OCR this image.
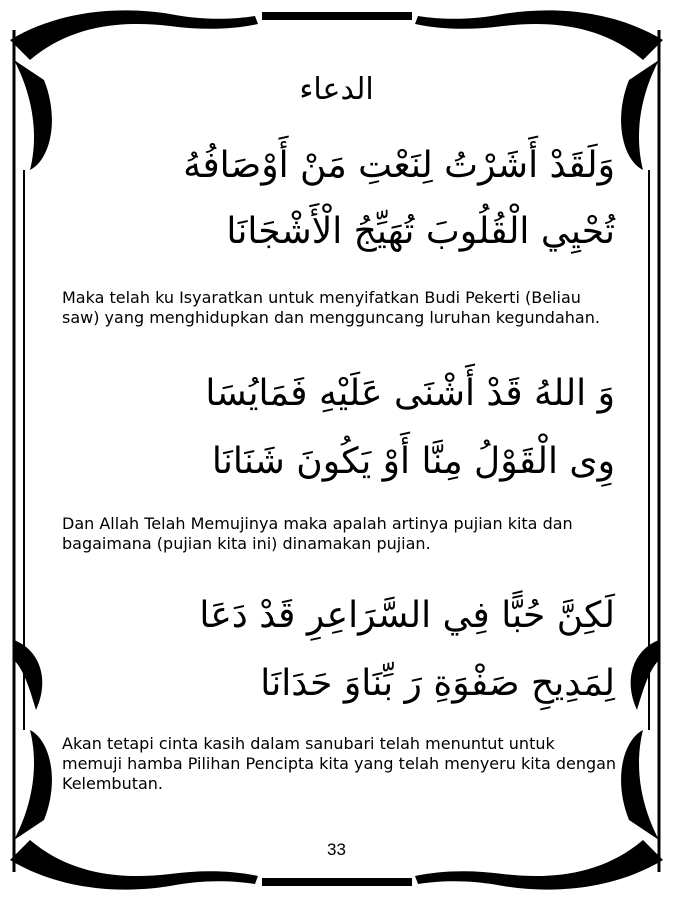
الدعاء
وَلَقَدْ أَشَرْتُ لِنَعْتِ مَنْ أَوْصَافُهُ
تُحْيِي الْقُلُوبَ تُهَيِّجُ الْأَشْجَانَا
Maka telah ku Isyaratkan untuk menyifatkan Budi Pekerti (Beliau saw) yang menghidupkan dan mengguncang luruhan kegundahan.
وَ اللهُ قَدْ أَشْنَى عَلَيْهِ فَمَايُسَا
وِى الْقَوْلُ مِنَّا أَوْ يَكُونَ شَنَانَا
Dan Allah Telah Memujinya maka apalah artinya pujian kita dan bagaimana (pujian kita ini) dinamakan pujian.
لَكِنَّ حُبًّا فِي السَّرَاعِرِ قَدْ دَعَا
لِمَدِيحِ صَفْوَةِ رَ بِّنَاوَ حَدَانَا
Akan tetapi cinta kasih dalam sanubari telah menuntut untuk memuji hamba Pilihan Pencipta kita yang telah menyeru kita dengan Kelembutan.
33
